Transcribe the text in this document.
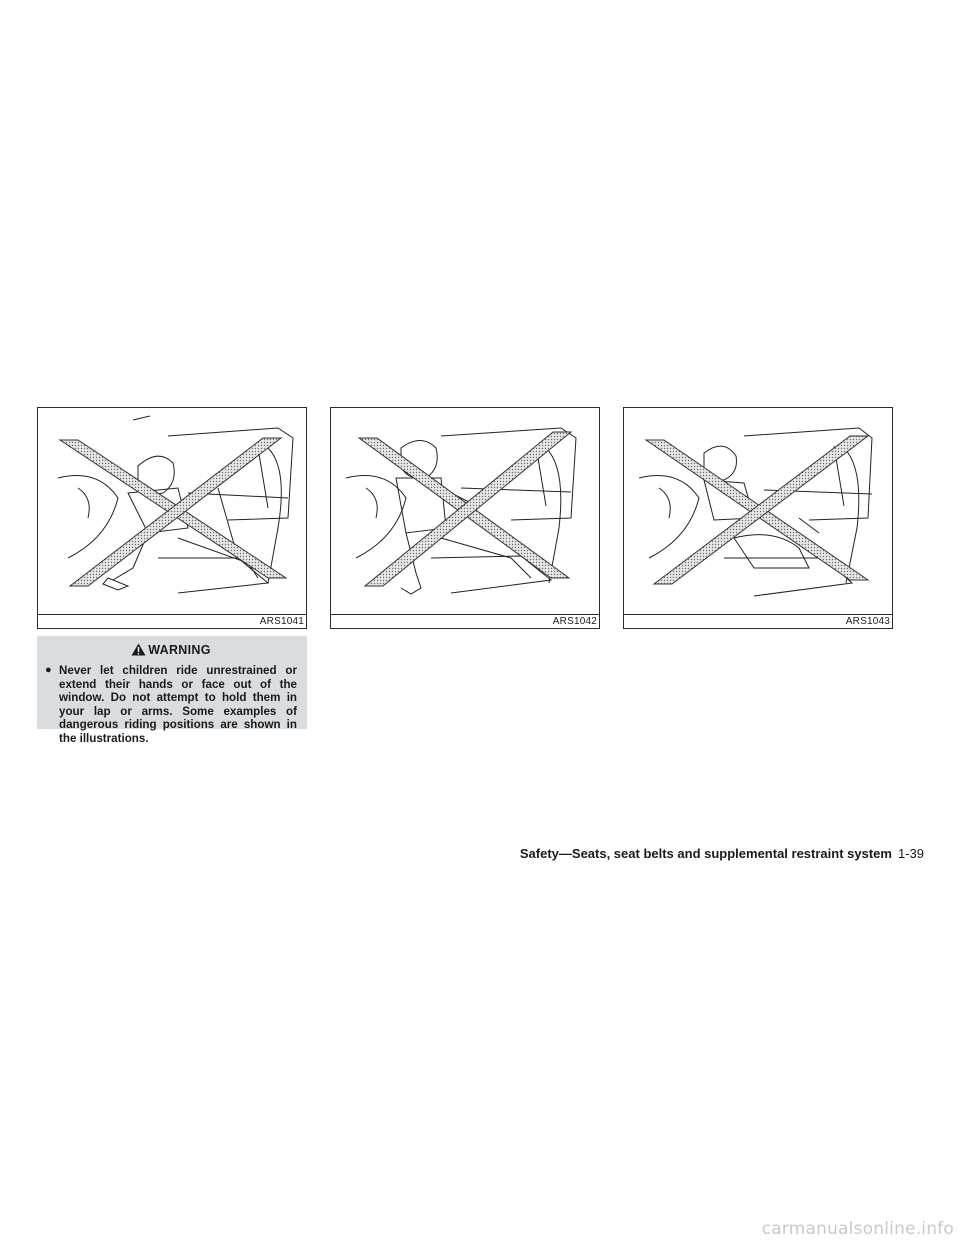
ARS1041	ARS1042	ARS1043
WARNING
● Never let children ride unrestrained or extend their hands or face out of the window. Do not attempt to hold them in your lap or arms. Some examples of dangerous riding positions are shown in the illustrations.
Safety—Seats, seat belts and supplemental restraint system 1-39
carmanualsonline.info
